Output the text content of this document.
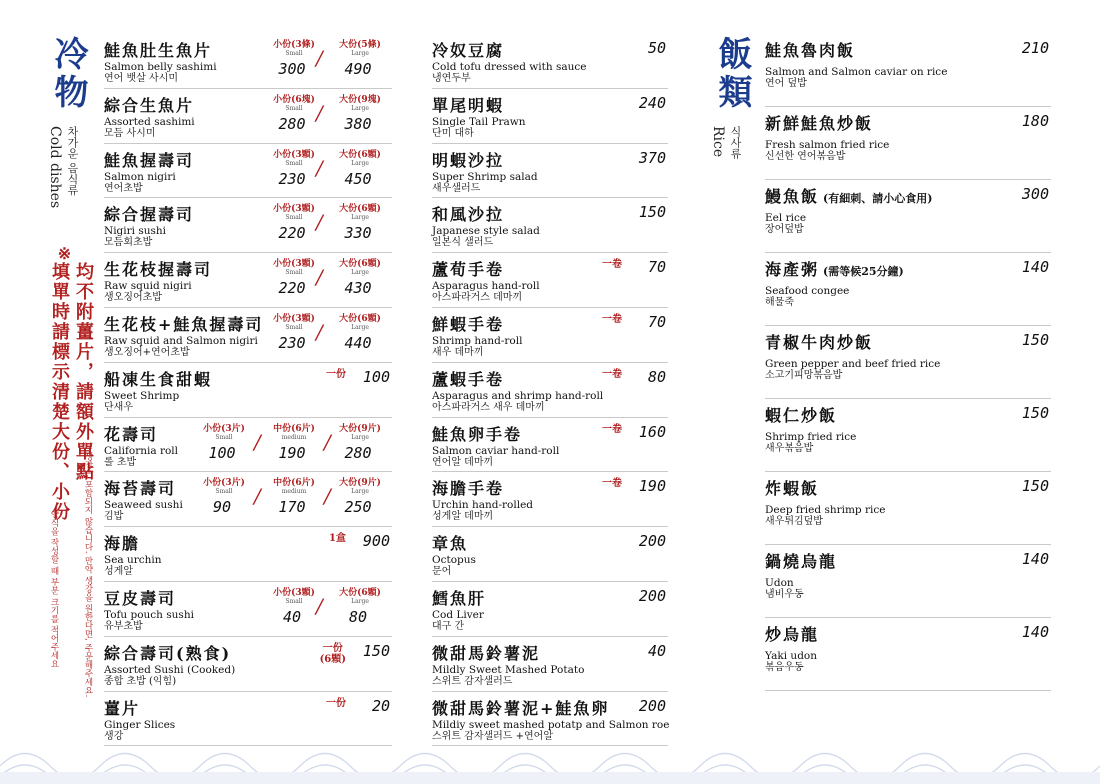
冷物
차가운 음식류
Cold dishes
※
均不附薑片，請額外單點
填單時請標示清楚大份、小份
생강은 포함되지 않습니다. 만약 생강을 원한다면, 주문해주세요.
양식을 작성할 때 부분 크기를 적어주세요
鮭魚肚生魚片
Salmon belly sashimi
연어 뱃살 사시미
小份(3條)
Small
300 /
大份(5條)
Large
490
綜合生魚片
Assorted sashimi
모듬 사시미
小份(6塊)
Small
280 /
大份(9塊)
Large
380
鮭魚握壽司
Salmon nigiri
연어초밥
小份(3顆)
Small
230 /
大份(6顆)
Large
450
綜合握壽司
Nigiri sushi
모듬회초밥
小份(3顆)
Small
220 /
大份(6顆)
Large
330
生花枝握壽司
Raw squid nigiri
생오징어초밥
小份(3顆)
Small
220 /
大份(6顆)
Large
430
生花枝+鮭魚握壽司
Raw squid and Salmon nigiri
생오징어+연어초밥
小份(3顆)
Small
230 /
大份(6顆)
Large
440
船凍生食甜蝦
Sweet Shrimp
단새우
100
一份
花壽司
California roll
롤 초밥
小份(3片)
Small
100
中份(6片)
medium
190
/	/
大份(9片)
Large
280
海苔壽司
Seaweed sushi
김밥
小份(3片)
Small
90
中份(6片)
medium
170
/	/
大份(9片)
Large
250
海膽
Sea urchin
성게알
900
1盒
豆皮壽司
Tofu pouch sushi
유부초밥
小份(3顆)
Small
40 /
大份(6顆)
Large
80
綜合壽司(熟食)
Assorted Sushi (Cooked)
종합 초밥 (익힘)
150
一份
(6顆)
薑片
Ginger Slices
생강
20
一份
冷奴豆腐
Cold tofu dressed with sauce
냉연두부
50
單尾明蝦
Single Tail Prawn
단미 대하
240
明蝦沙拉
Super Shrimp salad
새우샐러드
370
和風沙拉
Japanese style salad
일본식 샐러드
150
蘆荀手卷
Asparagus hand-roll
아스파라거스 데마끼
70
一卷
鮮蝦手卷
Shrimp hand-roll
새우 데마끼
70
一卷
蘆蝦手卷
Asparagus and shrimp hand-roll
아스파라거스 새우 데마끼
80
一卷
鮭魚卵手卷
Salmon caviar hand-roll
연어알 데마끼
160
一卷
海膽手卷
Urchin hand-rolled
성게알 데마끼
190
一卷
章魚
Octopus
문어
200
鱈魚肝
Cod Liver
대구 간
200
微甜馬鈴薯泥
Mildly Sweet Mashed Potato
스위트 감자샐러드
40
微甜馬鈴薯泥+鮭魚卵
Mildiy sweet mashed potatp and Salmon roe
스위트 감자샐러드 +연어알
200
鮭魚魯肉飯
Salmon and Salmon caviar on rice
연어 덮밥
210
新鮮鮭魚炒飯
Fresh salmon fried rice
신선한 연어볶음밥
180
鰻魚飯 (有細刺、請小心食用)
Eel rice
장어덮밥
300
海產粥 (需等候25分鐘)
Seafood congee
해물죽
140
青椒牛肉炒飯
Green pepper and beef fried rice
소고기피망볶음밥
150
蝦仁炒飯
Shrimp fried rice
새우볶음밥
150
炸蝦飯
Deep fried shrimp rice
새우튀김덮밥
150
鍋燒烏龍
Udon
냄비우동
140
炒烏龍
Yaki udon
볶음우동
140
飯類
식사류
Rice
